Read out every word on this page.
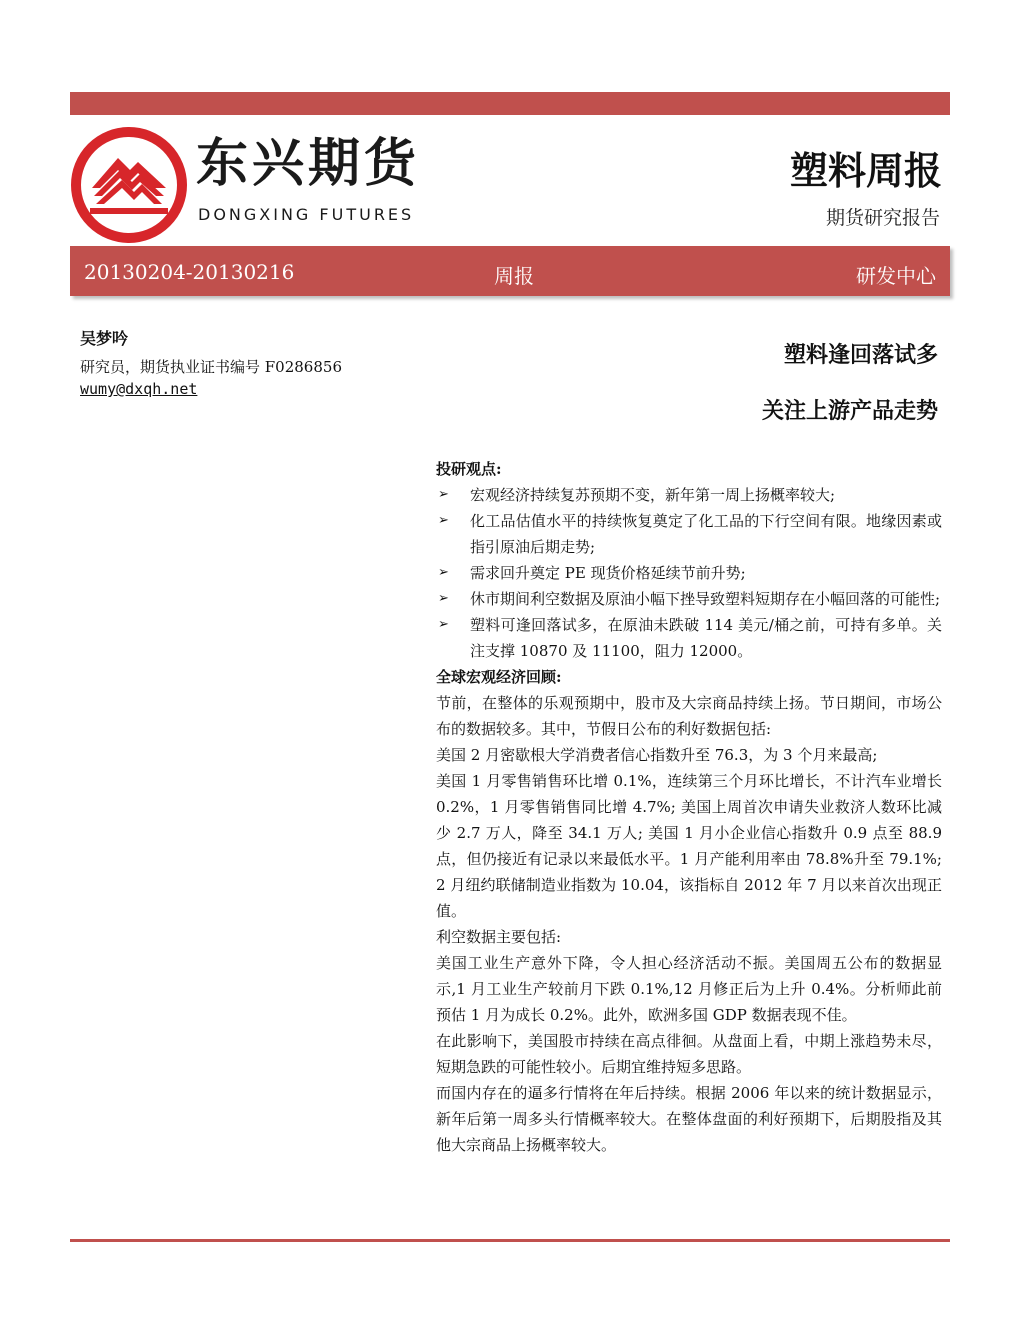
东兴期货
DONGXING FUTURES
塑料周报
期货研究报告
20130204-20130216	周报	研发中心
吴梦吟
研究员，期货执业证书编号 F0286856
wumy@dxqh.net
塑料逢回落试多
关注上游产品走势
投研观点:
➢ 宏观经济持续复苏预期不变，新年第一周上扬概率较大;
➢ 化工品估值水平的持续恢复奠定了化工品的下行空间有限。地缘因素或指引原油后期走势;
➢ 需求回升奠定 PE 现货价格延续节前升势;
➢ 休市期间利空数据及原油小幅下挫导致塑料短期存在小幅回落的可能性;
➢ 塑料可逢回落试多，在原油未跌破 114 美元/桶之前，可持有多单。关注支撑 10870 及 11100，阻力 12000。
全球宏观经济回顾:

节前，在整体的乐观预期中，股市及大宗商品持续上扬。节日期间，市场公布的数据较多。其中，节假日公布的利好数据包括:

美国 2 月密歇根大学消费者信心指数升至 76.3，为 3 个月来最高;

美国 1 月零售销售环比增 0.1%，连续第三个月环比增长，不计汽车业增长 0.2%，1 月零售销售同比增 4.7%; 美国上周首次申请失业救济人数环比减少 2.7 万人，降至 34.1 万人; 美国 1 月小企业信心指数升 0.9 点至 88.9 点，但仍接近有记录以来最低水平。1 月产能利用率由 78.8%升至 79.1%; 2 月纽约联储制造业指数为 10.04，该指标自 2012 年 7 月以来首次出现正值。

利空数据主要包括:

美国工业生产意外下降，令人担心经济活动不振。美国周五公布的数据显示,1 月工业生产较前月下跌 0.1%,12 月修正后为上升 0.4%。分析师此前预估 1 月为成长 0.2%。此外，欧洲多国 GDP 数据表现不佳。

在此影响下，美国股市持续在高点徘徊。从盘面上看，中期上涨趋势未尽，短期急跌的可能性较小。后期宜维持短多思路。

而国内存在的逼多行情将在年后持续。根据 2006 年以来的统计数据显示，新年后第一周多头行情概率较大。在整体盘面的利好预期下，后期股指及其他大宗商品上扬概率较大。
